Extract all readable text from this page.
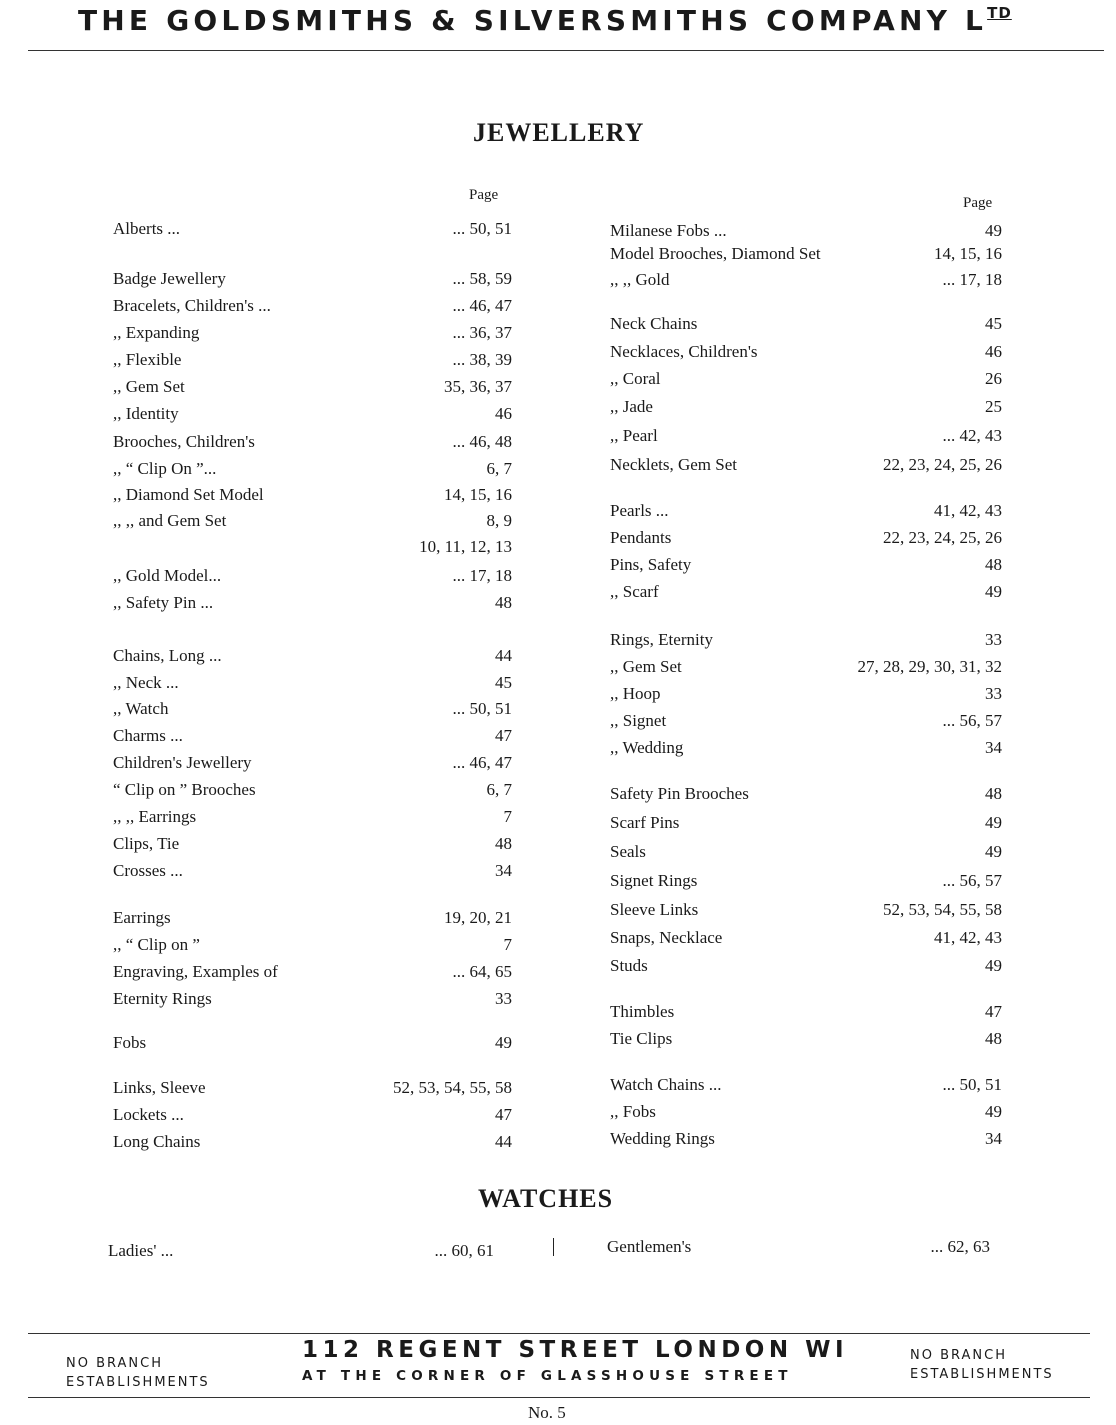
THE GOLDSMITHS & SILVERSMITHS COMPANY $L^{TD}$
JEWELLERY
Page	Page
Alberts ...	... 50, 51
Badge Jewellery	... 58, 59
Bracelets, Children's ...	... 46, 47
,, Expanding	... 36, 37
,, Flexible	... 38, 39
,, Gem Set	35, 36, 37
,, Identity	46
Brooches, Children's	... 46, 48
,, “ Clip On ”...	6, 7
,, Diamond Set Model	14, 15, 16
,, ,, and Gem Set	8, 9
10, 11, 12, 13
,, Gold Model...	... 17, 18
,, Safety Pin ...	48
Chains, Long ...	44
,, Neck ...	45
,, Watch	... 50, 51
Charms ...	47
Children's Jewellery	... 46, 47
“ Clip on ” Brooches	6, 7
,, ,, Earrings	7
Clips, Tie	48
Crosses ...	34
Earrings	19, 20, 21
,, “ Clip on ”	7
Engraving, Examples of	... 64, 65
Eternity Rings	33
Fobs	49
Links, Sleeve	52, 53, 54, 55, 58
Lockets ...	47
Long Chains	44
Milanese Fobs ...	49
Model Brooches, Diamond Set	14, 15, 16
,, ,, Gold	... 17, 18
Neck Chains	45
Necklaces, Children's	46
,, Coral	26
,, Jade	25
,, Pearl	... 42, 43
Necklets, Gem Set	22, 23, 24, 25, 26
Pearls ...	41, 42, 43
Pendants	22, 23, 24, 25, 26
Pins, Safety	48
,, Scarf	49
Rings, Eternity	33
,, Gem Set	27, 28, 29, 30, 31, 32
,, Hoop	33
,, Signet	... 56, 57
,, Wedding	34
Safety Pin Brooches	48
Scarf Pins	49
Seals	49
Signet Rings	... 56, 57
Sleeve Links	52, 53, 54, 55, 58
Snaps, Necklace	41, 42, 43
Studs	49
Thimbles	47
Tie Clips	48
Watch Chains ...	... 50, 51
,, Fobs	49
Wedding Rings	34
WATCHES
Ladies' ...	... 60, 61	Gentlemen's	... 62, 63
NO BRANCH
ESTABLISHMENTS
112 REGENT STREET LONDON WI
AT THE CORNER OF GLASSHOUSE STREET
NO BRANCH
ESTABLISHMENTS
No. 5
